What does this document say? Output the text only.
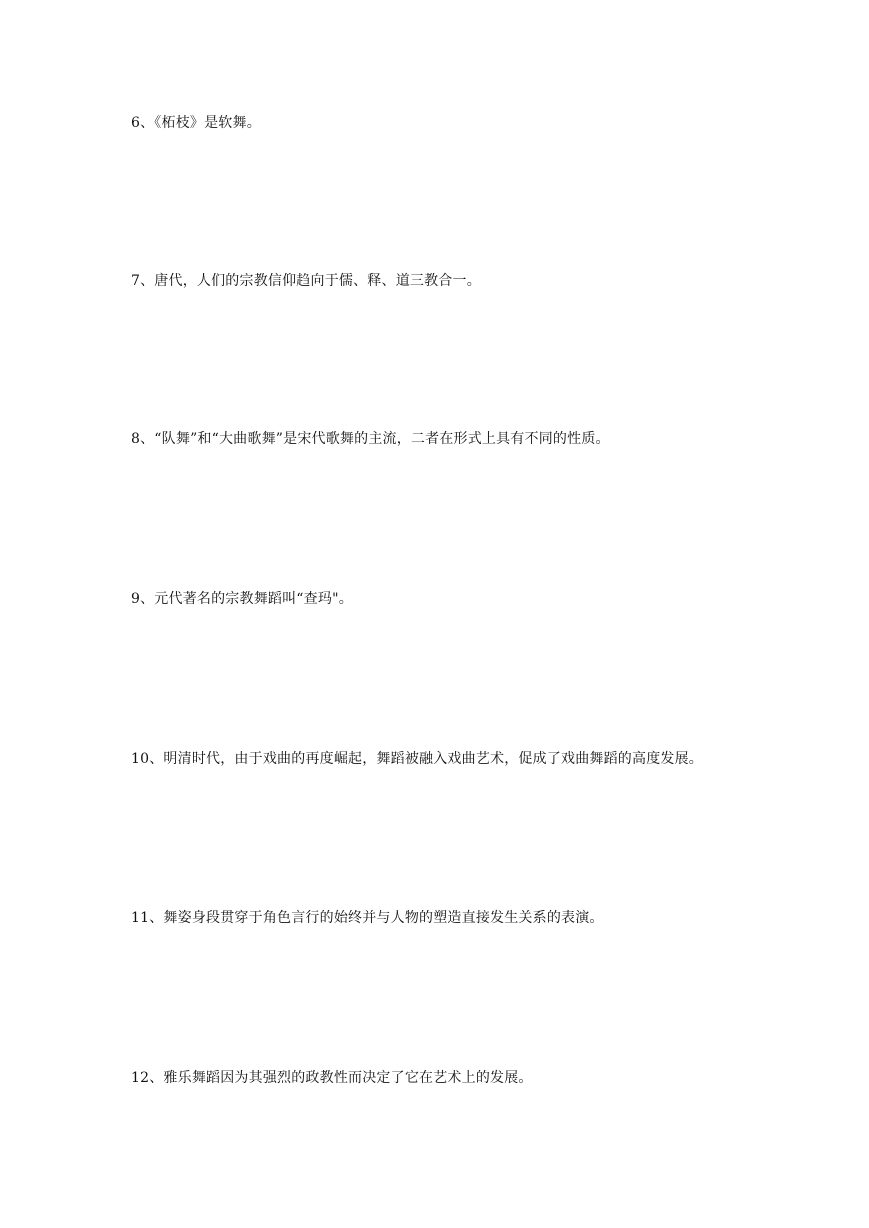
6、《柘枝》是软舞。
7、唐代，人们的宗教信仰趋向于儒、释、道三教合一。
8、“队舞”和“大曲歌舞”是宋代歌舞的主流，二者在形式上具有不同的性质。
9、元代著名的宗教舞蹈叫“查玛"。
10、明清时代，由于戏曲的再度崛起，舞蹈被融入戏曲艺术，促成了戏曲舞蹈的高度发展。
11、舞姿身段贯穿于角色言行的始终并与人物的塑造直接发生关系的表演。
12、雅乐舞蹈因为其强烈的政教性而决定了它在艺术上的发展。
